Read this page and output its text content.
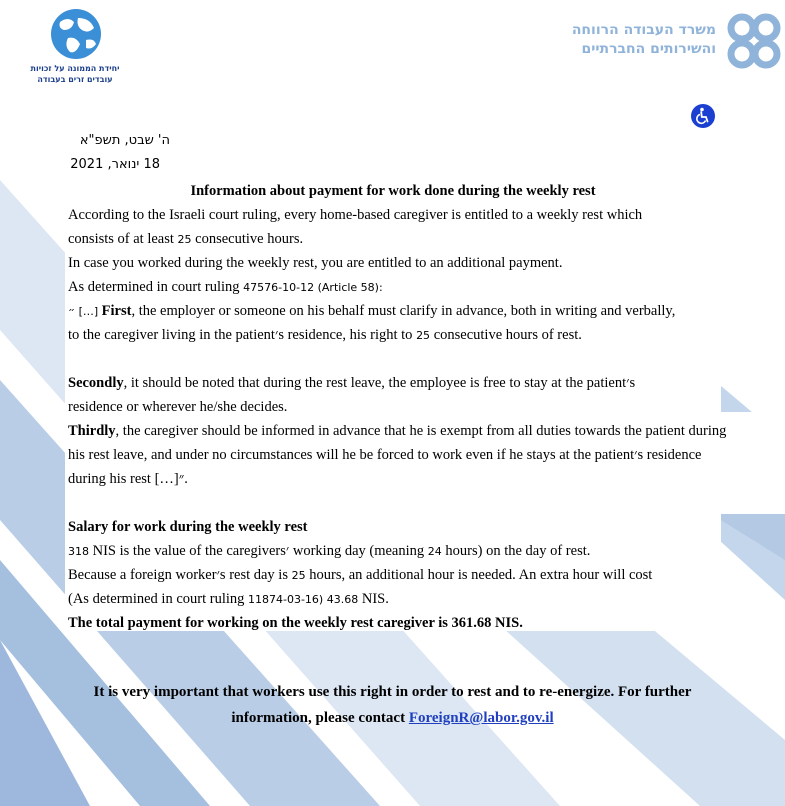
יחידת הממונה על זכויות
עובדים זרים בעבודה
משרד העבודה הרווחה
והשירותים החברתיים
ה' שבט, תשפ"א
18 ינואר, 2021
Information about payment for work done during the weekly rest
According to the Israeli court ruling, every home-based caregiver is entitled to a weekly rest which
consists of at least 25 consecutive hours.
In case you worked during the weekly rest, you are entitled to an additional payment.
As determined in court ruling 47576-10-12 (Article 58):
״ […] First, the employer or someone on his behalf must clarify in advance, both in writing and verbally,
to the caregiver living in the patient׳s residence, his right to 25 consecutive hours of rest.
Secondly, it should be noted that during the rest leave, the employee is free to stay at the patient׳s
residence or wherever he/she decides.
Thirdly, the caregiver should be informed in advance that he is exempt from all duties towards the patient during
his rest leave, and under no circumstances will he be forced to work even if he stays at the patient׳s residence
during his rest […]״.
Salary for work during the weekly rest
318 NIS is the value of the caregivers׳ working day (meaning 24 hours) on the day of rest.
Because a foreign worker׳s rest day is 25 hours, an additional hour is needed. An extra hour will cost
(As determined in court ruling 11874-03-16) 43.68 NIS.
The total payment for working on the weekly rest caregiver is 361.68 NIS.
It is very important that workers use this right in order to rest and to re-energize. For further
information, please contact ForeignR@labor.gov.il
